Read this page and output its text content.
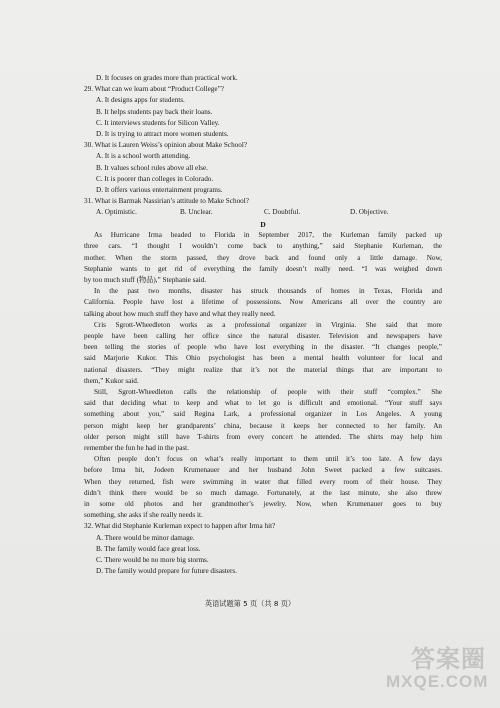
D. It focuses on grades more than practical work.
29. What can we learn about “Product College”?
A. It designs apps for students.
B. It helps students pay back their loans.
C. It interviews students for Silicon Valley.
D. It is trying to attract more women students.
30. What is Lauren Weiss’s opinion about Make School?
A. It is a school worth attending.
B. It values school rules above all else.
C. It is poorer than colleges in Colorado.
D. It offers various entertainment programs.
31. What is Barmak Nassirian’s attitude to Make School?
A. Optimistic.	B. Unclear.	C. Doubtful.	D. Objective.
D
As Hurricane Irma headed to Florida in September 2017, the Kurleman family packed up
three cars. “I thought I wouldn’t come back to anything,” said Stephanie Kurleman, the
mother. When the storm passed, they drove back and found only a little damage. Now,
Stephanie wants to get rid of everything the family doesn’t really need. “I was weighed down
by too much stuff (物品),” Stephanie said.
In the past two months, disaster has struck thousands of homes in Texas, Florida and
California. People have lost a lifetime of possessions. Now Americans all over the country are
talking about how much stuff they have and what they really need.
Cris Sgrott-Wheedleton works as a professional organizer in Virginia. She said that more
people have been calling her office since the natural disaster. Television and newspapers have
been telling the stories of people who have lost everything in the disaster. “It changes people,”
said Marjorie Kukor. This Ohio psychologist has been a mental health volunteer for local and
national disasters. “They might realize that it’s not the material things that are important to
them,” Kukor said.
Still, Sgrott-Wheedleton calls the relationship of people with their stuff “complex.” She
said that deciding what to keep and what to let go is difficult and emotional. “Your stuff says
something about you,” said Regina Lark, a professional organizer in Los Angeles. A young
person might keep her grandparents’ china, because it keeps her connected to her family. An
older person might still have T-shirts from every concert he attended. The shirts may help him
remember the fun he had in the past.
Often people don’t focus on what’s really important to them until it’s too late. A few days
before Irma hit, Jodeen Krumenauer and her husband John Sweet packed a few suitcases.
When they returned, fish were swimming in water that filled every room of their house. They
didn’t think there would be so much damage. Fortunately, at the last minute, she also threw
in some old photos and her grandmother’s jewelry. Now, when Krumenauer goes to buy
something, she asks if she really needs it.
32. What did Stephanie Kurleman expect to happen after Irma hit?
A. There would be minor damage.
B. The family would face great loss.
C. There would be no more big storms.
D. The family would prepare for future disasters.
英语试题第 5 页（共 8 页）
答案圈
MXQE.COM
